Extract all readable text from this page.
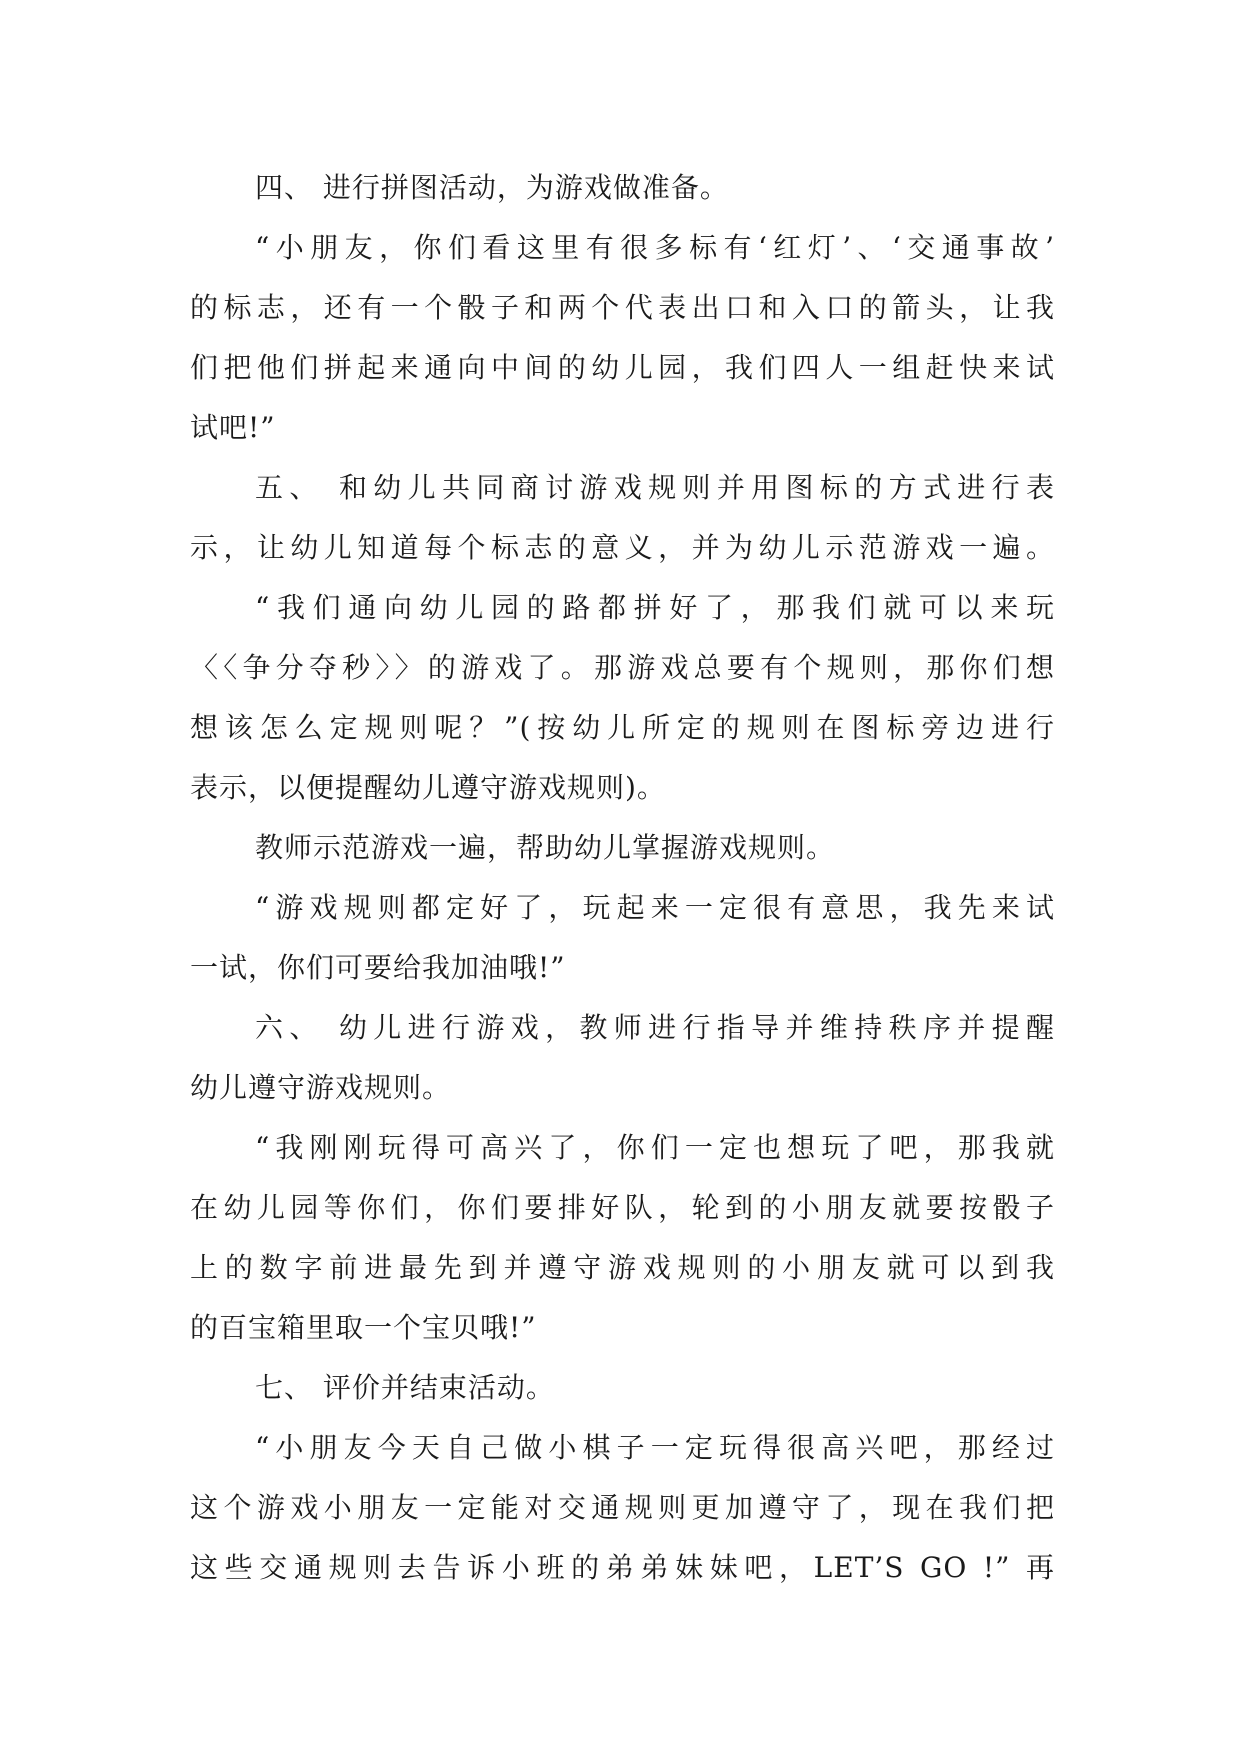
四、 进行拼图活动，为游戏做准备。
“小朋友，你们看这里有很多标有‘红灯’、‘交通事故’
的标志，还有一个骰子和两个代表出口和入口的箭头，让我
们把他们拼起来通向中间的幼儿园，我们四人一组赶快来试
试吧!”
五、 和幼儿共同商讨游戏规则并用图标的方式进行表
示，让幼儿知道每个标志的意义，并为幼儿示范游戏一遍。
“我们通向幼儿园的路都拼好了，那我们就可以来玩
〈〈争分夺秒〉〉的游戏了。那游戏总要有个规则，那你们想
想该怎么定规则呢？”(按幼儿所定的规则在图标旁边进行
表示，以便提醒幼儿遵守游戏规则)。
教师示范游戏一遍，帮助幼儿掌握游戏规则。
“游戏规则都定好了，玩起来一定很有意思，我先来试
一试，你们可要给我加油哦!”
六、 幼儿进行游戏，教师进行指导并维持秩序并提醒
幼儿遵守游戏规则。
“我刚刚玩得可高兴了，你们一定也想玩了吧，那我就
在幼儿园等你们，你们要排好队，轮到的小朋友就要按骰子
上的数字前进最先到并遵守游戏规则的小朋友就可以到我
的百宝箱里取一个宝贝哦!”
七、 评价并结束活动。
“小朋友今天自己做小棋子一定玩得很高兴吧，那经过
这个游戏小朋友一定能对交通规则更加遵守了，现在我们把
这些交通规则去告诉小班的弟弟妹妹吧，LET’S GO !” 再
